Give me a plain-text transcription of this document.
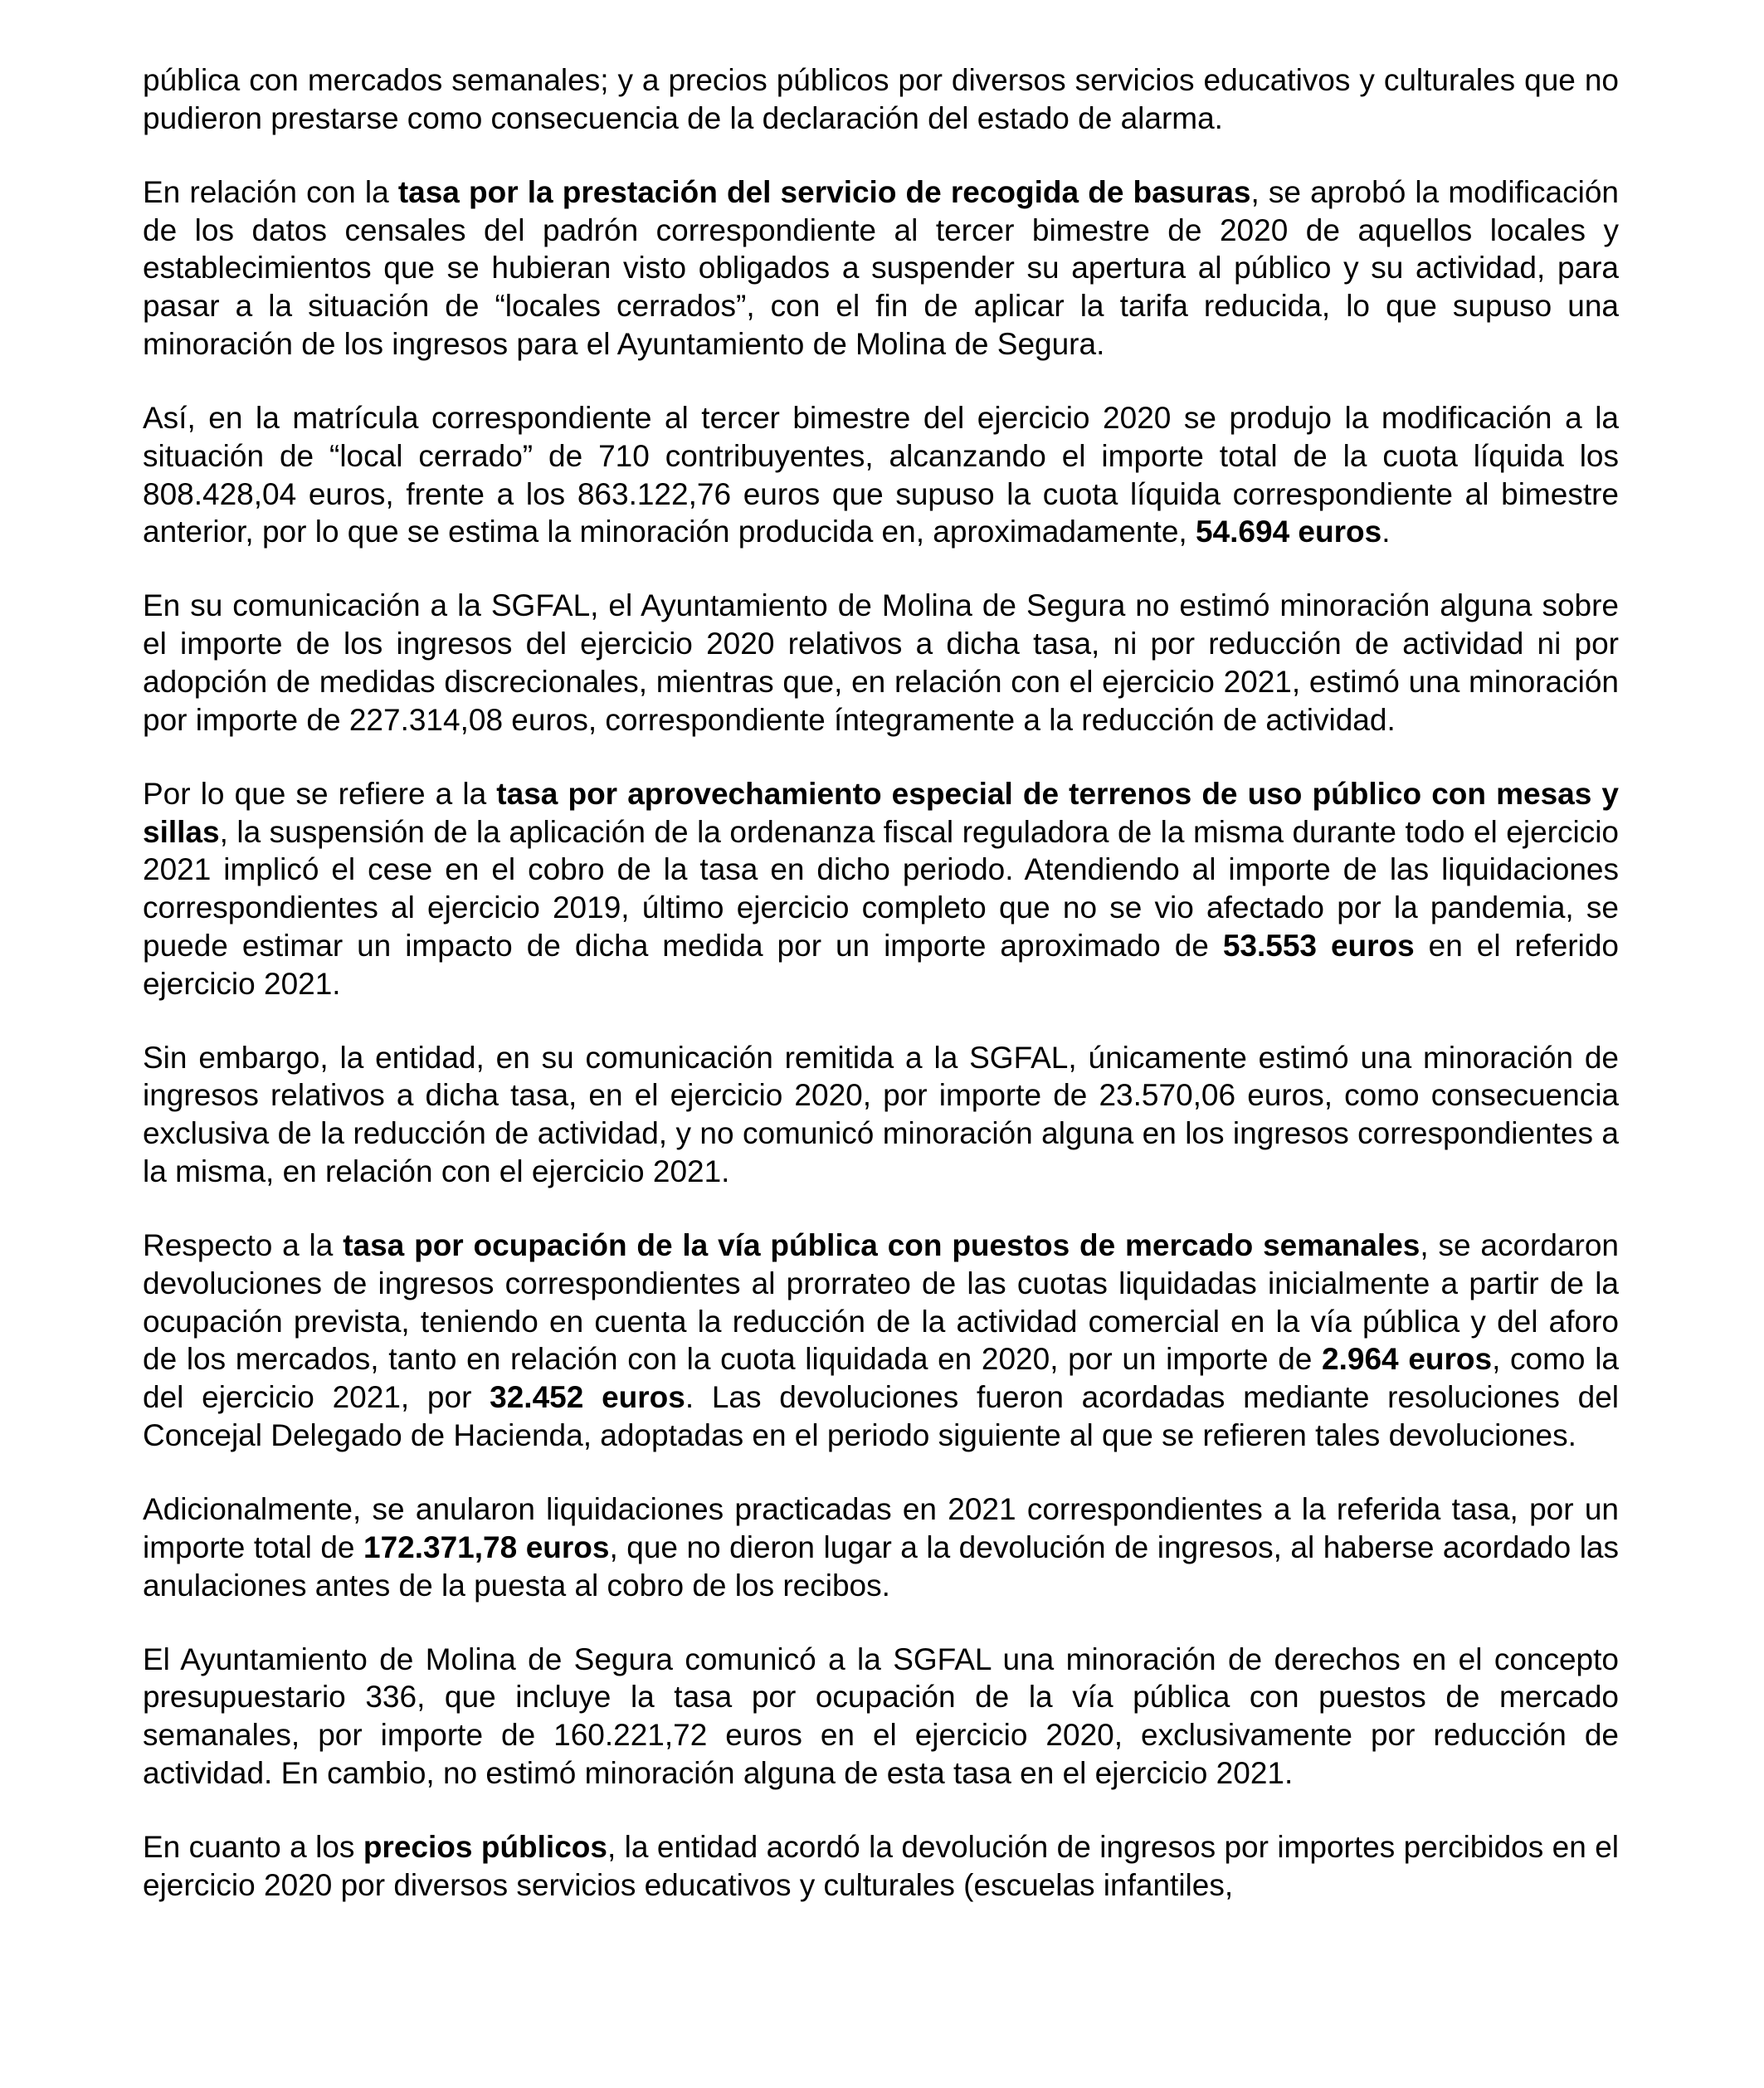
pública con mercados semanales; y a precios públicos por diversos servicios educativos y culturales que no pudieron prestarse como consecuencia de la declaración del estado de alarma.

En relación con la tasa por la prestación del servicio de recogida de basuras, se aprobó la modificación de los datos censales del padrón correspondiente al tercer bimestre de 2020 de aquellos locales y establecimientos que se hubieran visto obligados a suspender su apertura al público y su actividad, para pasar a la situación de “locales cerrados”, con el fin de aplicar la tarifa reducida, lo que supuso una minoración de los ingresos para el Ayuntamiento de Molina de Segura.

Así, en la matrícula correspondiente al tercer bimestre del ejercicio 2020 se produjo la modificación a la situación de “local cerrado” de 710 contribuyentes, alcanzando el importe total de la cuota líquida los 808.428,04 euros, frente a los 863.122,76 euros que supuso la cuota líquida correspondiente al bimestre anterior, por lo que se estima la minoración producida en, aproximadamente, 54.694 euros.

En su comunicación a la SGFAL, el Ayuntamiento de Molina de Segura no estimó minoración alguna sobre el importe de los ingresos del ejercicio 2020 relativos a dicha tasa, ni por reducción de actividad ni por adopción de medidas discrecionales, mientras que, en relación con el ejercicio 2021, estimó una minoración por importe de 227.314,08 euros, correspondiente íntegramente a la reducción de actividad.

Por lo que se refiere a la tasa por aprovechamiento especial de terrenos de uso público con mesas y sillas, la suspensión de la aplicación de la ordenanza fiscal reguladora de la misma durante todo el ejercicio 2021 implicó el cese en el cobro de la tasa en dicho periodo. Atendiendo al importe de las liquidaciones correspondientes al ejercicio 2019, último ejercicio completo que no se vio afectado por la pandemia, se puede estimar un impacto de dicha medida por un importe aproximado de 53.553 euros en el referido ejercicio 2021.

Sin embargo, la entidad, en su comunicación remitida a la SGFAL, únicamente estimó una minoración de ingresos relativos a dicha tasa, en el ejercicio 2020, por importe de 23.570,06 euros, como consecuencia exclusiva de la reducción de actividad, y no comunicó minoración alguna en los ingresos correspondientes a la misma, en relación con el ejercicio 2021.

Respecto a la tasa por ocupación de la vía pública con puestos de mercado semanales, se acordaron devoluciones de ingresos correspondientes al prorrateo de las cuotas liquidadas inicialmente a partir de la ocupación prevista, teniendo en cuenta la reducción de la actividad comercial en la vía pública y del aforo de los mercados, tanto en relación con la cuota liquidada en 2020, por un importe de 2.964 euros, como la del ejercicio 2021, por 32.452 euros. Las devoluciones fueron acordadas mediante resoluciones del Concejal Delegado de Hacienda, adoptadas en el periodo siguiente al que se refieren tales devoluciones.

Adicionalmente, se anularon liquidaciones practicadas en 2021 correspondientes a la referida tasa, por un importe total de 172.371,78 euros, que no dieron lugar a la devolución de ingresos, al haberse acordado las anulaciones antes de la puesta al cobro de los recibos.

El Ayuntamiento de Molina de Segura comunicó a la SGFAL una minoración de derechos en el concepto presupuestario 336, que incluye la tasa por ocupación de la vía pública con puestos de mercado semanales, por importe de 160.221,72 euros en el ejercicio 2020, exclusivamente por reducción de actividad. En cambio, no estimó minoración alguna de esta tasa en el ejercicio 2021.

En cuanto a los precios públicos, la entidad acordó la devolución de ingresos por importes percibidos en el ejercicio 2020 por diversos servicios educativos y culturales (escuelas infantiles,
